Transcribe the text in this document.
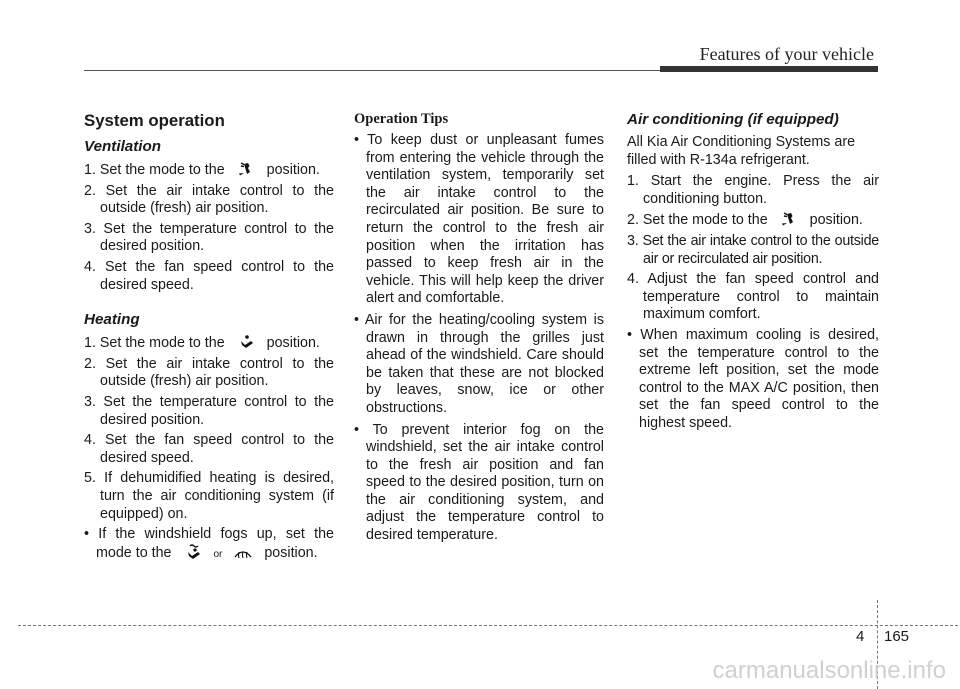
Features of your vehicle
System operation
Ventilation
1. Set the mode to the	position.
2. Set the air intake control to the outside (fresh) air position.
3. Set the temperature control to the desired position.
4. Set the fan speed control to the desired speed.
Heating
1. Set the mode to the	position.
2. Set the air intake control to the outside (fresh) air position.
3. Set the temperature control to the desired position.
4. Set the fan speed control to the desired speed.
5. If dehumidified heating is desired, turn the air conditioning system (if equipped) on.
• If the windshield fogs up, set the mode to the	or	position.
Operation Tips
• To keep dust or unpleasant fumes from entering the vehicle through the ventilation system, temporarily set the air intake control to the recirculated air position. Be sure to return the control to the fresh air position when the irritation has passed to keep fresh air in the vehicle. This will help keep the driver alert and comfortable.
• Air for the heating/cooling system is drawn in through the grilles just ahead of the windshield. Care should be taken that these are not blocked by leaves, snow, ice or other obstructions.
• To prevent interior fog on the windshield, set the air intake control to the fresh air position and fan speed to the desired position, turn on the air conditioning system, and adjust the temperature control to desired temperature.
Air conditioning (if equipped)
All Kia Air Conditioning Systems are filled with R-134a refrigerant.
1. Start the engine. Press the air conditioning button.
2. Set the mode to the	position.
3. Set the air intake control to the outside air or recirculated air position.
4. Adjust the fan speed control and temperature control to maintain maximum comfort.
• When maximum cooling is desired, set the temperature control to the extreme left position, set the mode control to the MAX A/C position, then set the fan speed control to the highest speed.
4 165
carmanualsonline.info
